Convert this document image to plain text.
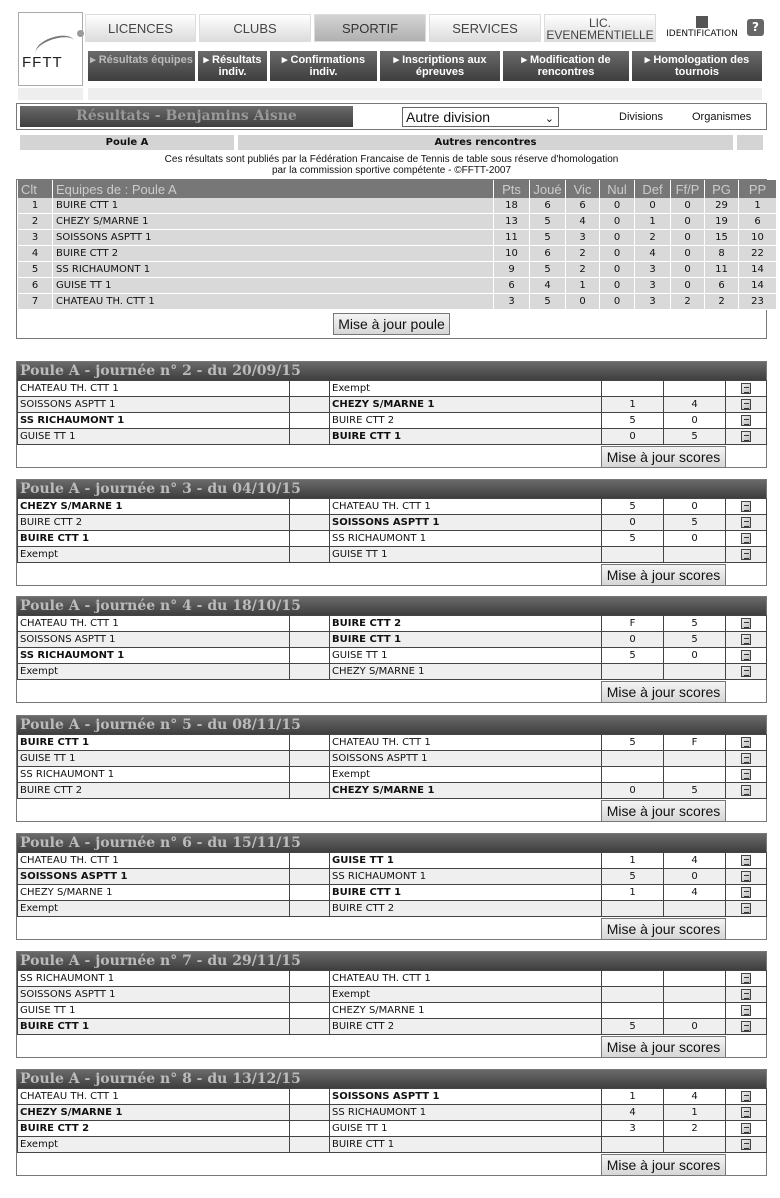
FFTT
LICENCES	CLUBS	SPORTIF	SERVICES	LIC. EVENEMENTIELLE	IDENTIFICATION	?
▸ Résultats équipes ▸ Résultats indiv.
▸ Confirmations indiv.
▸ Inscriptions aux épreuves
▸ Modification de rencontres
▸ Homologation des tournois
Résultats - Benjamins Aisne	Autre division	⌄	Divisions	Organismes
Poule A	Autres rencontres
Ces résultats sont publiés par la Fédération Francaise de Tennis de table sous réserve d'homologation
par la commission sportive compétente - ©FFTT-2007
Clt	Equipes de : Poule A	Pts	Joué	Vic	Nul	Def	Ff/P	PG	PP
1	BUIRE CTT 1	18	6	6	0	0	0	29	1
2	CHEZY S/MARNE 1	13	5	4	0	1	0	19	6
3	SOISSONS ASPTT 1	11	5	3	0	2	0	15	10
4	BUIRE CTT 2	10	6	2	0	4	0	8	22
5	SS RICHAUMONT 1	9	5	2	0	3	0	11	14
6	GUISE TT 1	6	4	1	0	3	0	6	14
7	CHATEAU TH. CTT 1	3	5	0	0	3	2	2	23
Mise à jour poule
Poule A - journée n° 2 - du 20/09/15
CHATEAU TH. CTT 1		Exempt			
SOISSONS ASPTT 1		CHEZY S/MARNE 1	1	4	
SS RICHAUMONT 1		BUIRE CTT 2	5	0	
GUISE TT 1		BUIRE CTT 1	0	5	
Mise à jour scores
Poule A - journée n° 3 - du 04/10/15
CHEZY S/MARNE 1		CHATEAU TH. CTT 1	5	0	
BUIRE CTT 2		SOISSONS ASPTT 1	0	5	
BUIRE CTT 1		SS RICHAUMONT 1	5	0	
Exempt		GUISE TT 1			
Mise à jour scores
Poule A - journée n° 4 - du 18/10/15
CHATEAU TH. CTT 1		BUIRE CTT 2	F	5	
SOISSONS ASPTT 1		BUIRE CTT 1	0	5	
SS RICHAUMONT 1		GUISE TT 1	5	0	
Exempt		CHEZY S/MARNE 1			
Mise à jour scores
Poule A - journée n° 5 - du 08/11/15
BUIRE CTT 1		CHATEAU TH. CTT 1	5	F	
GUISE TT 1		SOISSONS ASPTT 1			
SS RICHAUMONT 1		Exempt			
BUIRE CTT 2		CHEZY S/MARNE 1	0	5	
Mise à jour scores
Poule A - journée n° 6 - du 15/11/15
CHATEAU TH. CTT 1		GUISE TT 1	1	4	
SOISSONS ASPTT 1		SS RICHAUMONT 1	5	0	
CHEZY S/MARNE 1		BUIRE CTT 1	1	4	
Exempt		BUIRE CTT 2			
Mise à jour scores
Poule A - journée n° 7 - du 29/11/15
SS RICHAUMONT 1		CHATEAU TH. CTT 1			
SOISSONS ASPTT 1		Exempt			
GUISE TT 1		CHEZY S/MARNE 1			
BUIRE CTT 1		BUIRE CTT 2	5	0	
Mise à jour scores
Poule A - journée n° 8 - du 13/12/15
CHATEAU TH. CTT 1		SOISSONS ASPTT 1	1	4	
CHEZY S/MARNE 1		SS RICHAUMONT 1	4	1	
BUIRE CTT 2		GUISE TT 1	3	2	
Exempt		BUIRE CTT 1			
Mise à jour scores
